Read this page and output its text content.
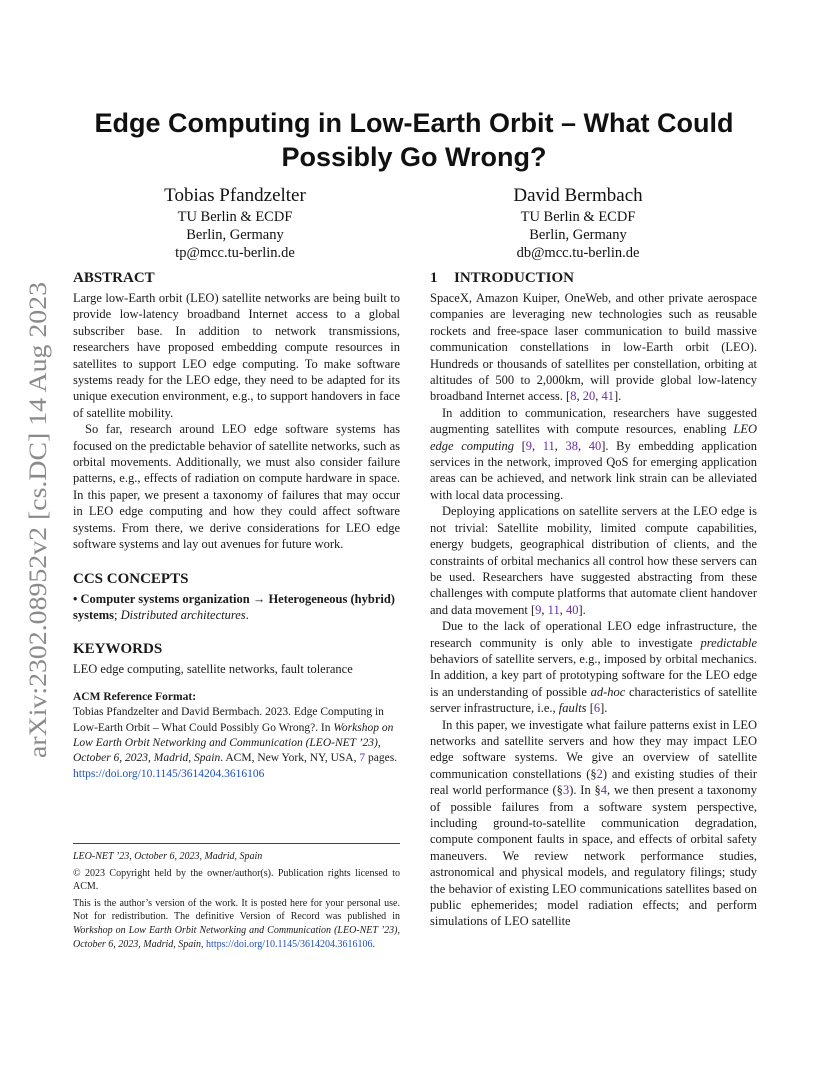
arXiv:2302.08952v2 [cs.DC] 14 Aug 2023
Edge Computing in Low-Earth Orbit – What Could
Possibly Go Wrong?
Tobias Pfandzelter
TU Berlin & ECDF
Berlin, Germany
tp@mcc.tu-berlin.de
David Bermbach
TU Berlin & ECDF
Berlin, Germany
db@mcc.tu-berlin.de
ABSTRACT

Large low-Earth orbit (LEO) satellite networks are being built to provide low-latency broadband Internet access to a global subscriber base. In addition to network transmissions, researchers have proposed embedding compute resources in satellites to support LEO edge computing. To make software systems ready for the LEO edge, they need to be adapted for its unique execution environment, e.g., to support handovers in face of satellite mobility.

So far, research around LEO edge software systems has focused on the predictable behavior of satellite networks, such as orbital movements. Additionally, we must also consider failure patterns, e.g., effects of radiation on compute hardware in space. In this paper, we present a taxonomy of failures that may occur in LEO edge computing and how they could affect software systems. From there, we derive considerations for LEO edge software systems and lay out avenues for future work.

CCS CONCEPTS

• Computer systems organization → Heterogeneous (hybrid) systems; Distributed architectures.

KEYWORDS

LEO edge computing, satellite networks, fault tolerance

ACM Reference Format:

Tobias Pfandzelter and David Bermbach. 2023. Edge Computing in Low-Earth Orbit – What Could Possibly Go Wrong?. In Workshop on Low Earth Orbit Networking and Communication (LEO-NET ’23), October 6, 2023, Madrid, Spain. ACM, New York, NY, USA, 7 pages.
https://doi.org/10.1145/3614204.3616106

LEO-NET ’23, October 6, 2023, Madrid, Spain

© 2023 Copyright held by the owner/author(s). Publication rights licensed to ACM.

This is the author’s version of the work. It is posted here for your personal use. Not for redistribution. The definitive Version of Record was published in Workshop on Low Earth Orbit Networking and Communication (LEO-NET ’23), October 6, 2023, Madrid, Spain, https://doi.org/10.1145/3614204.3616106.

1 INTRODUCTION

SpaceX, Amazon Kuiper, OneWeb, and other private aerospace companies are leveraging new technologies such as reusable rockets and free-space laser communication to build massive communication constellations in low-Earth orbit (LEO). Hundreds or thousands of satellites per constellation, orbiting at altitudes of 500 to 2,000km, will provide global low-latency broadband Internet access. [8, 20, 41].

In addition to communication, researchers have suggested augmenting satellites with compute resources, enabling LEO edge computing [9, 11, 38, 40]. By embedding application services in the network, improved QoS for emerging application areas can be achieved, and network link strain can be alleviated with local data processing.

Deploying applications on satellite servers at the LEO edge is not trivial: Satellite mobility, limited compute capabilities, energy budgets, geographical distribution of clients, and the constraints of orbital mechanics all control how these servers can be used. Researchers have suggested abstracting from these challenges with compute platforms that automate client handover and data movement [9, 11, 40].

Due to the lack of operational LEO edge infrastructure, the research community is only able to investigate predictable behaviors of satellite servers, e.g., imposed by orbital mechanics. In addition, a key part of prototyping software for the LEO edge is an understanding of possible ad-hoc characteristics of satellite server infrastructure, i.e., faults [6].

In this paper, we investigate what failure patterns exist in LEO networks and satellite servers and how they may impact LEO edge software systems. We give an overview of satellite communication constellations (§2) and existing studies of their real world performance (§3). In §4, we then present a taxonomy of possible failures from a software system perspective, including ground-to-satellite communication degradation, compute component faults in space, and effects of orbital safety maneuvers. We review network performance studies, astronomical and physical models, and regulatory filings; study the behavior of existing LEO communications satellites based on public ephemerides; model radiation effects; and perform simulations of LEO satellite
